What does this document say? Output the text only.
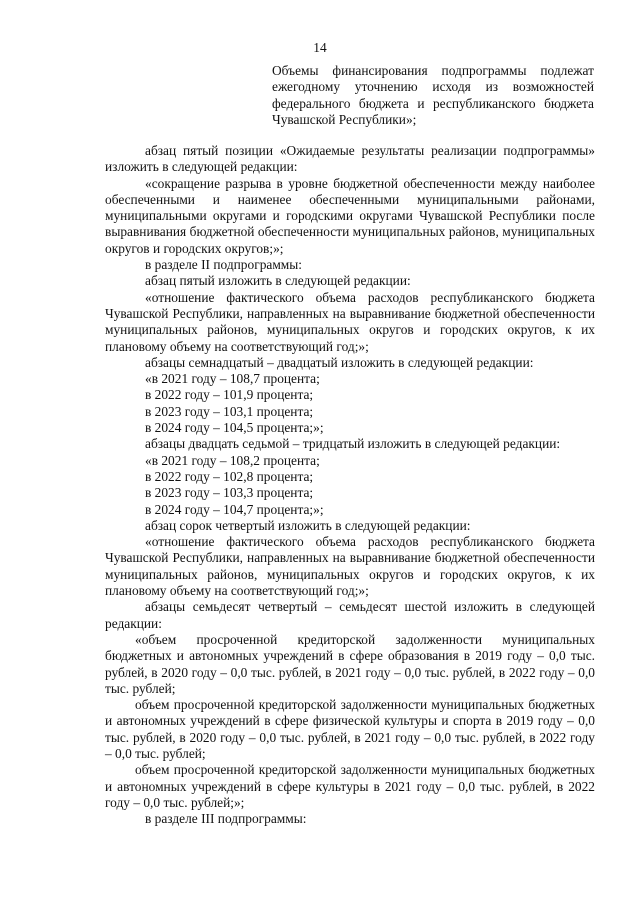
14
Объемы финансирования подпрограммы подлежат ежегодному уточнению исходя из возможностей федерального бюджета и республиканского бюджета Чувашской Республики»;

абзац пятый позиции «Ожидаемые результаты реализации подпрограммы» изложить в следующей редакции:

«сокращение разрыва в уровне бюджетной обеспеченности между наиболее обеспеченными и наименее обеспеченными муниципальными районами, муниципальными округами и городскими округами Чувашской Республики после выравнивания бюджетной обеспеченности муниципальных районов, муниципальных округов и городских округов;»;

в разделе II подпрограммы:

абзац пятый изложить в следующей редакции:

«отношение фактического объема расходов республиканского бюджета Чувашской Республики, направленных на выравнивание бюджетной обеспеченности муниципальных районов, муниципальных округов и городских округов, к их плановому объему на соответствующий год;»;

абзацы семнадцатый – двадцатый изложить в следующей редакции:

«в 2021 году – 108,7 процента;

в 2022 году – 101,9 процента;

в 2023 году – 103,1 процента;

в 2024 году – 104,5 процента;»;

абзацы двадцать седьмой – тридцатый изложить в следующей редакции:

«в 2021 году – 108,2 процента;

в 2022 году – 102,8 процента;

в 2023 году – 103,3 процента;

в 2024 году – 104,7 процента;»;

абзац сорок четвертый изложить в следующей редакции:

«отношение фактического объема расходов республиканского бюджета Чувашской Республики, направленных на выравнивание бюджетной обеспеченности муниципальных районов, муниципальных округов и городских округов, к их плановому объему на соответствующий год;»;

абзацы семьдесят четвертый – семьдесят шестой изложить в следующей редакции:

«объем просроченной кредиторской задолженности муниципальных бюджетных и автономных учреждений в сфере образования в 2019 году – 0,0 тыс. рублей, в 2020 году – 0,0 тыс. рублей, в 2021 году – 0,0 тыс. рублей, в 2022 году – 0,0 тыс. рублей;

объем просроченной кредиторской задолженности муниципальных бюджетных и автономных учреждений в сфере физической культуры и спорта в 2019 году – 0,0 тыс. рублей, в 2020 году – 0,0 тыс. рублей, в 2021 году – 0,0 тыс. рублей, в 2022 году – 0,0 тыс. рублей;

объем просроченной кредиторской задолженности муниципальных бюджетных и автономных учреждений в сфере культуры в 2021 году – 0,0 тыс. рублей, в 2022 году – 0,0 тыс. рублей;»;

в разделе III подпрограммы:
